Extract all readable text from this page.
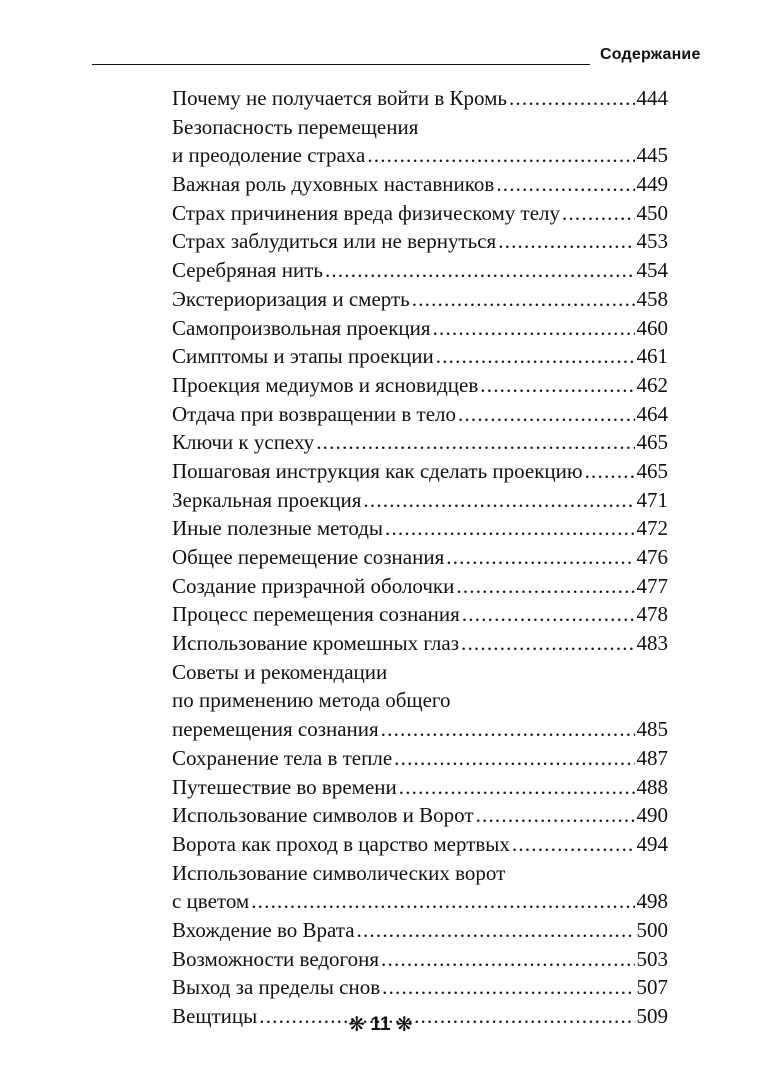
Содержание
Почему не получается войти в Кромь .....	444
Безопасность перемещения
и преодоление страха .....	445
Важная роль духовных наставников .....	449
Страх причинения вреда физическому телу .....	450
Страх заблудиться или не вернуться .....	453
Серебряная нить .....	454
Экстериоризация и смерть .....	458
Самопроизвольная проекция .....	460
Симптомы и этапы проекции .....	461
Проекция медиумов и ясновидцев .....	462
Отдача при возвращении в тело .....	464
Ключи к успеху .....	465
Пошаговая инструкция как сделать проекцию .....	465
Зеркальная проекция .....	471
Иные полезные методы .....	472
Общее перемещение сознания .....	476
Создание призрачной оболочки .....	477
Процесс перемещения сознания .....	478
Использование кромешных глаз .....	483
Советы и рекомендации
по применению метода общего
перемещения сознания .....	485
Сохранение тела в тепле .....	487
Путешествие во времени .....	488
Использование символов и Ворот .....	490
Ворота как проход в царство мертвых .....	494
Использование символических ворот
с цветом .....	498
Вхождение во Врата .....	500
Возможности ведогоня .....	503
Выход за пределы снов .....	507
Вещтицы .....	509
❋ 11 ❋
